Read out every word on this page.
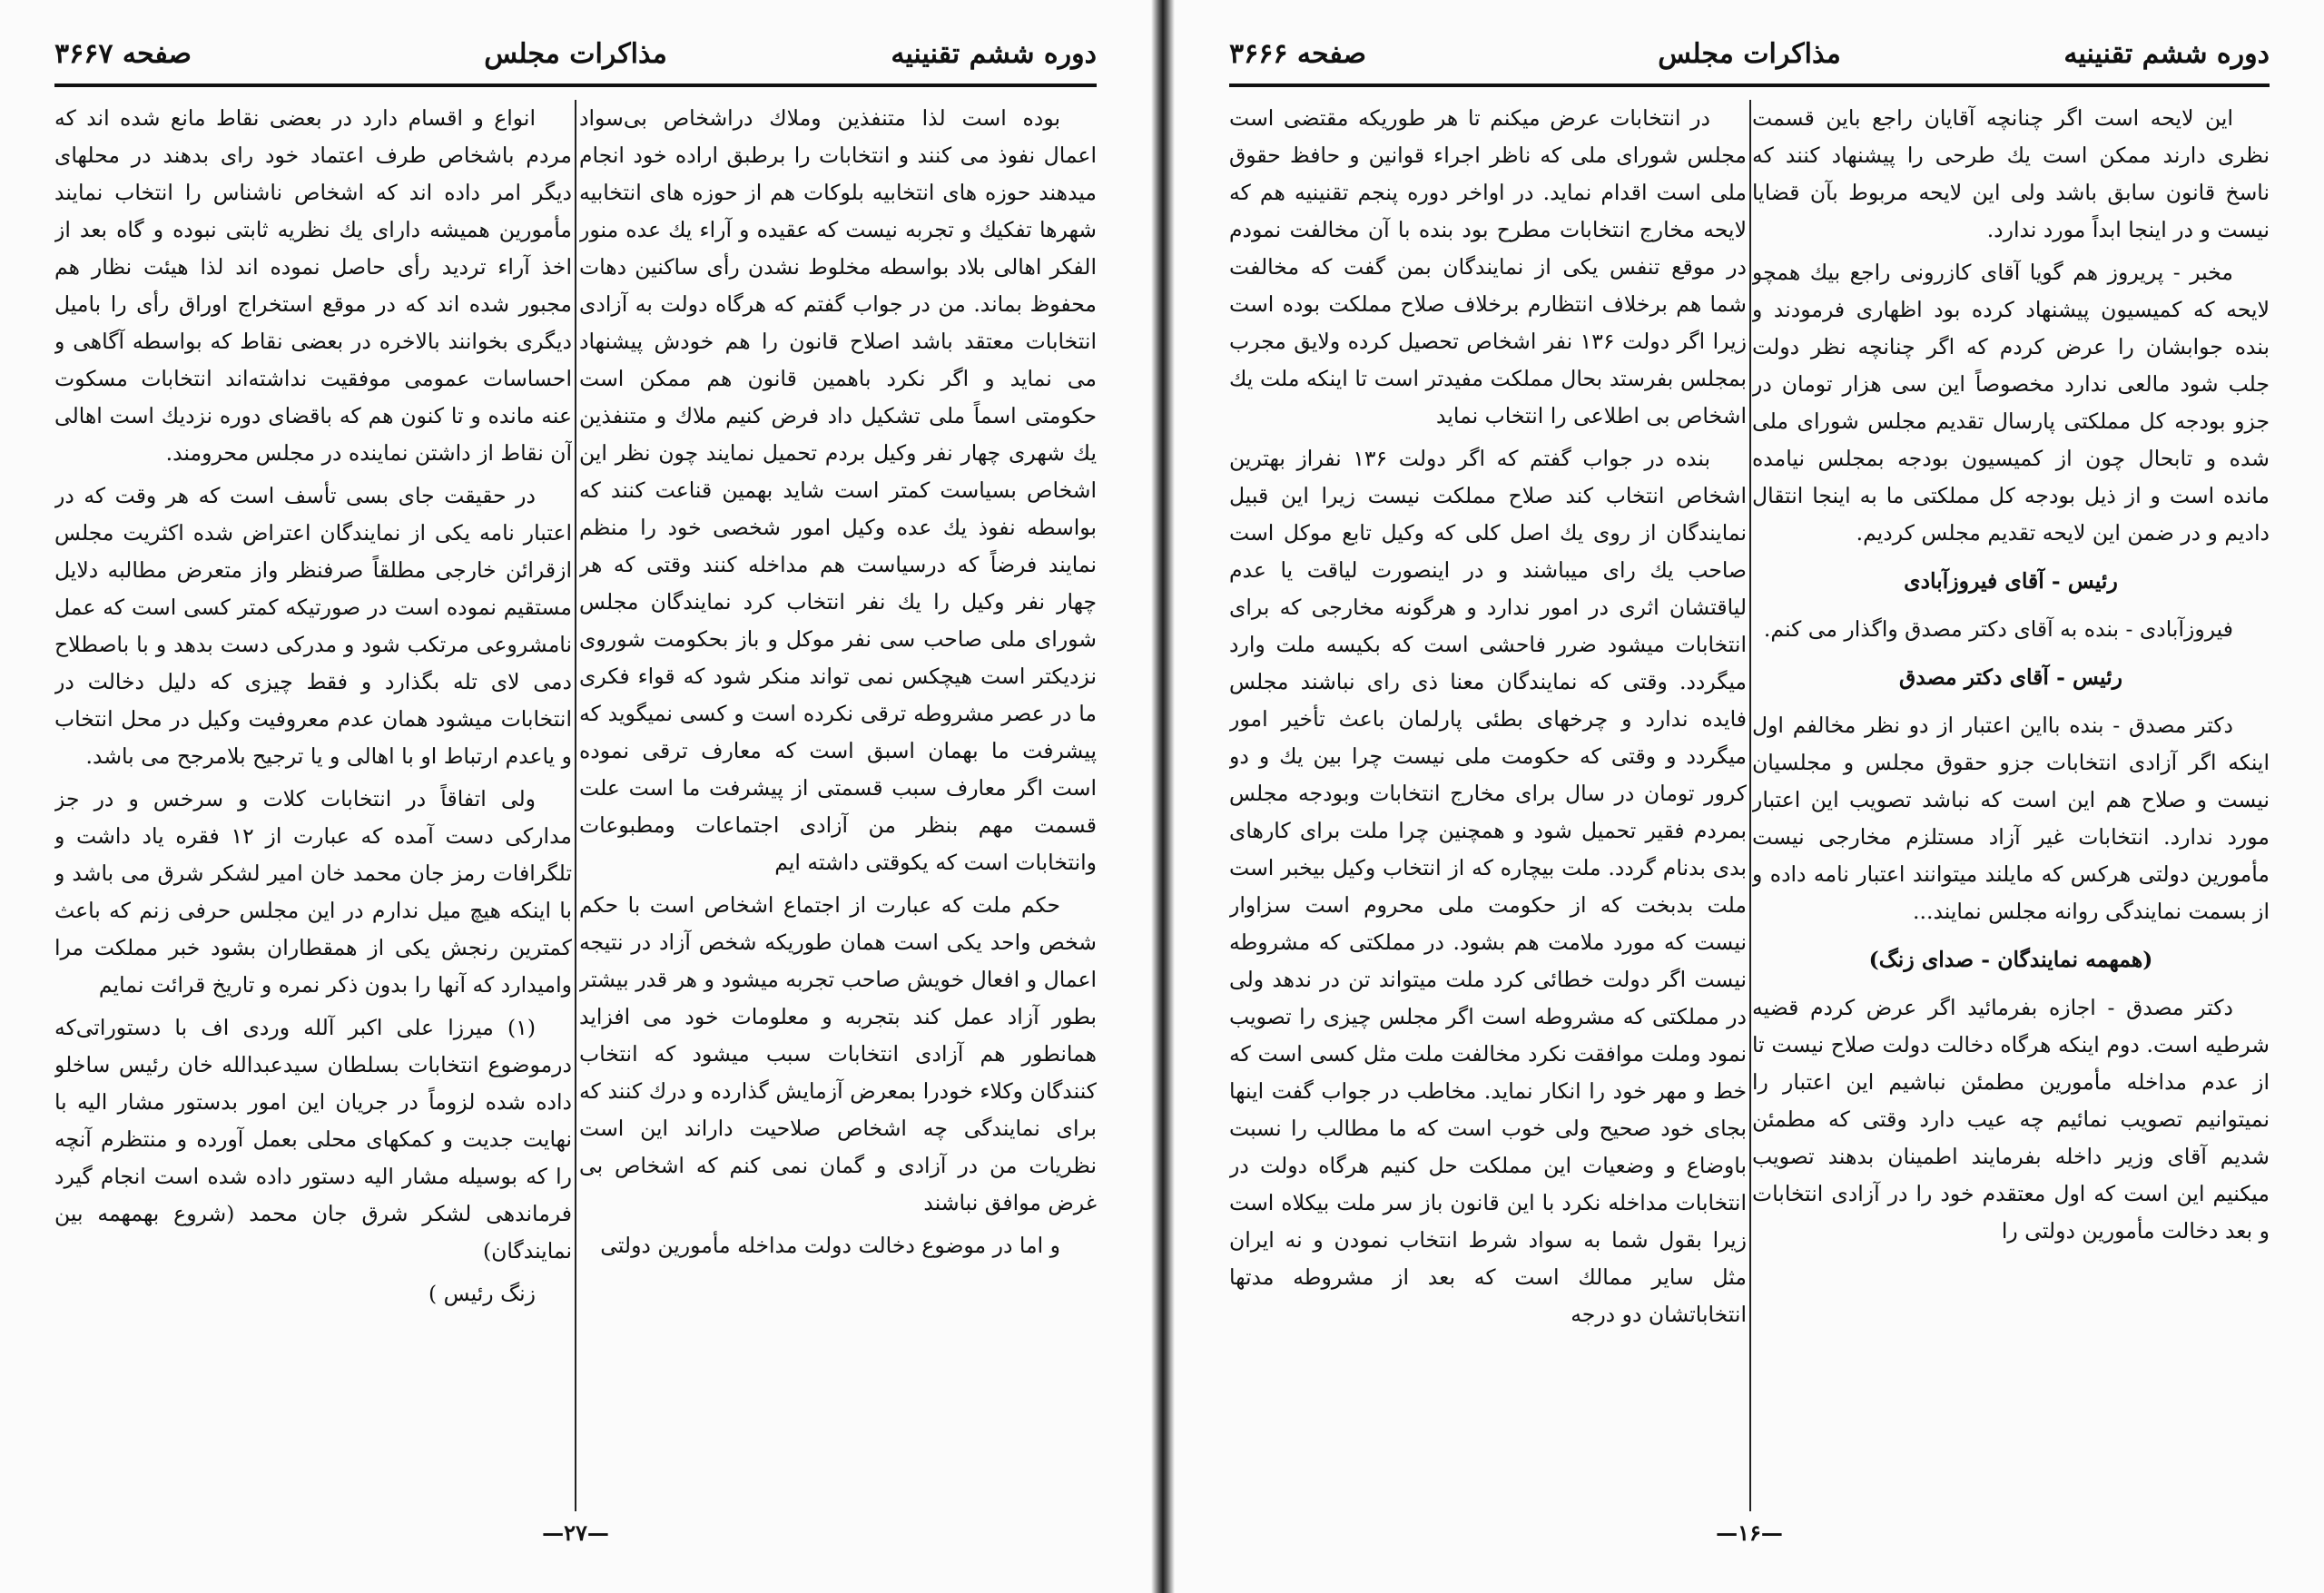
دوره ششم تقنینیه
مذاکرات مجلس
صفحه ۳۶۶۷

بوده است لذا متنفذین وملاك دراشخاص بی‌سواد اعمال نفوذ می کنند و انتخابات را برطبق اراده خود انجام میدهند حوزه های انتخابیه بلوکات هم از حوزه های انتخابیه شهرها تفکیك و تجربه نیست که عقیده و آراء یك عده منور الفکر اهالی بلاد بواسطه مخلوط نشدن رأی ساکنین دهات محفوظ بماند. من در جواب گفتم که هرگاه دولت به آزادی انتخابات معتقد باشد اصلاح قانون را هم خودش پیشنهاد می نماید و اگر نکرد باهمین قانون هم ممکن است حکومتی اسماً ملی تشکیل داد فرض کنیم ملاك و متنفذین یك شهری چهار نفر وکیل بردم تحمیل نمایند چون نظر این اشخاص بسیاست کمتر است شاید بهمین قناعت کنند که بواسطه نفوذ یك عده وکیل امور شخصی خود را منظم نمایند فرضاً که درسیاست هم مداخله کنند وقتی که هر چهار نفر وکیل را یك نفر انتخاب کرد نمایندگان مجلس شورای ملی صاحب سی نفر موکل و باز بحکومت شوروی نزدیکتر است هیچکس نمی تواند منکر شود که قواء فکری ما در عصر مشروطه ترقی نکرده است و کسی نمیگوید که پیشرفت ما بهمان اسبق است که معارف ترقی نموده است اگر معارف سبب قسمتی از پیشرفت ما است علت قسمت مهم بنظر من آزادی اجتماعات ومطبوعات وانتخابات است که یکوقتی داشته ایم

حکم ملت که عبارت از اجتماع اشخاص است با حکم شخص واحد یکی است همان طوریکه شخص آزاد در نتیجه اعمال و افعال خویش صاحب تجربه میشود و هر قدر بیشتر بطور آزاد عمل کند بتجربه و معلومات خود می افزاید همانطور هم آزادی انتخابات سبب میشود که انتخاب کنندگان وکلاء خودرا بمعرض آزمایش گذارده و درك کنند که برای نمایندگی چه اشخاص صلاحیت داراند این است نظریات من در آزادی و گمان نمی کنم که اشخاص بی غرض موافق نباشند

و اما در موضوع دخالت دولت مداخله مأمورین دولتی

انواع و اقسام دارد در بعضی نقاط مانع شده اند که مردم باشخاص طرف اعتماد خود رای بدهند در محلهای دیگر امر داده اند که اشخاص ناشناس را انتخاب نمایند مأمورین همیشه دارای یك نظریه ثابتی نبوده و گاه بعد از اخذ آراء تردید رأی حاصل نموده اند لذا هیئت نظار هم مجبور شده اند که در موقع استخراج اوراق رأی را بامیل دیگری بخوانند بالاخره در بعضی نقاط که بواسطه آگاهی و احساسات عمومی موفقیت نداشته‌اند انتخابات مسکوت عنه مانده و تا کنون هم که باقضای دوره نزدیك است اهالی آن نقاط از داشتن نماینده در مجلس محرومند.

در حقیقت جای بسی تأسف است که هر وقت که در اعتبار نامه یکی از نمایندگان اعتراض شده اکثریت مجلس ازقرائن خارجی مطلقاً صرفنظر واز متعرض مطالبه دلایل مستقیم نموده است در صورتیکه کمتر کسی است که عمل نامشروعی مرتکب شود و مدرکی دست بدهد و با باصطلاح دمی لای تله بگذارد و فقط چیزی که دلیل دخالت در انتخابات میشود همان عدم معروفیت وکیل در محل انتخاب و یاعدم ارتباط او با اهالی و یا ترجیح بلامرجح می باشد.

ولی اتفاقاً در انتخابات کلات و سرخس و در جز مدارکی دست آمده که عبارت از ۱۲ فقره یاد داشت و تلگرافات رمز جان محمد خان امیر لشکر شرق می باشد و با اینکه هیچ میل ندارم در این مجلس حرفی زنم که باعث کمترین رنجش یکی از همقطاران بشود خبر مملکت مرا وامیدارد که آنها را بدون ذکر نمره و تاریخ قرائت نمایم

(۱) میرزا علی اکبر آلله وردی اف با دستوراتی‌که درموضوع انتخابات بسلطان سیدعبدالله خان رئیس ساخلو داده شده لزوماً در جریان این امور بدستور مشار الیه با نهایت جدیت و کمکهای محلی بعمل آورده و منتظرم آنچه را که بوسیله مشار الیه دستور داده شده است انجام گیرد فرماندهی لشکر شرق جان محمد (شروع بهمهمه بین نمایندگان)

زنگ رئیس )

—۲۷—
دوره ششم تقنینیه
مذاکرات مجلس
صفحه ۳۶۶۶

این لایحه است اگر چنانچه آقایان راجع باین قسمت نظری دارند ممکن است یك طرحی را پیشنهاد کنند که ناسخ قانون سابق باشد ولی این لایحه مربوط بآن قضایا نیست و در اینجا ابداً مورد ندارد.

مخبر - پریروز هم گویا آقای کازرونی راجع بیك همچو لایحه که کمیسیون پیشنهاد کرده بود اظهاری فرمودند و بنده جوابشان را عرض کردم که اگر چنانچه نظر دولت جلب شود مالعی ندارد مخصوصاً این سی هزار تومان در جزو بودجه کل مملکتی پارسال تقدیم مجلس شورای ملی شده و تابحال چون از کمیسیون بودجه بمجلس نیامده مانده است و از ذیل بودجه کل مملکتی ما به اینجا انتقال دادیم و در ضمن این لایحه تقدیم مجلس کردیم.

رئیس - آقای فیروزآبادی

فیروزآبادی - بنده به آقای دکتر مصدق واگذار می کنم.

رئیس - آقای دکتر مصدق

دکتر مصدق - بنده بااین اعتبار از دو نظر مخالفم اول اینکه اگر آزادی انتخابات جزو حقوق مجلس و مجلسیان نیست و صلاح هم این است که نباشد تصویب این اعتبار مورد ندارد. انتخابات غیر آزاد مستلزم مخارجی نیست مأمورین دولتی هرکس که مایلند میتوانند اعتبار نامه داده و از بسمت نمایندگی روانه مجلس نمایند...

(همهمه نمایندگان - صدای زنگ)

دکتر مصدق - اجازه بفرمائید اگر عرض کردم قضیه شرطیه است. دوم اینکه هرگاه دخالت دولت صلاح نیست تا از عدم مداخله مأمورین مطمئن نباشیم این اعتبار را نمیتوانیم تصویب نمائیم چه عیب دارد وقتی که مطمئن شدیم آقای وزیر داخله بفرمایند اطمینان بدهند تصویب میکنیم این است که اول معتقدم خود را در آزادی انتخابات و بعد دخالت مأمورین دولتی را

در انتخابات عرض میکنم تا هر طوریکه مقتضی است مجلس شورای ملی که ناظر اجراء قوانین و حافظ حقوق ملی است اقدام نماید. در اواخر دوره پنجم تقنینیه هم که لایحه مخارج انتخابات مطرح بود بنده با آن مخالفت نمودم در موقع تنفس یکی از نمایندگان بمن گفت که مخالفت شما هم برخلاف انتظارم برخلاف صلاح مملکت بوده است زیرا اگر دولت ۱۳۶ نفر اشخاص تحصیل کرده ولایق مجرب بمجلس بفرستد بحال مملکت مفیدتر است تا اینکه ملت یك اشخاص بی اطلاعی را انتخاب نماید

بنده در جواب گفتم که اگر دولت ۱۳۶ نفراز بهترین اشخاص انتخاب کند صلاح مملکت نیست زیرا این قبیل نمایندگان از روی یك اصل کلی که وکیل تابع موکل است صاحب یك رای میباشند و در اینصورت لیاقت یا عدم لیاقتشان اثری در امور ندارد و هرگونه مخارجی که برای انتخابات میشود ضرر فاحشی است که بکیسه ملت وارد میگردد. وقتی که نمایندگان معنا ذی رای نباشند مجلس فایده ندارد و چرخهای بطئی پارلمان باعث تأخیر امور میگردد و وقتی که حکومت ملی نیست چرا بین یك و دو کرور تومان در سال برای مخارج انتخابات وبودجه مجلس بمردم فقیر تحمیل شود و همچنین چرا ملت برای کارهای بدی بدنام گردد. ملت بیچاره که از انتخاب وکیل بیخبر است ملت بدبخت که از حکومت ملی محروم است سزاوار نیست که مورد ملامت هم بشود. در مملکتی که مشروطه نیست اگر دولت خطائی کرد ملت میتواند تن در ندهد ولی در مملکتی که مشروطه است اگر مجلس چیزی را تصویب نمود وملت موافقت نکرد مخالفت ملت مثل کسی است که خط و مهر خود را انکار نماید. مخاطب در جواب گفت اینها بجای خود صحیح ولی خوب است که ما مطالب را نسبت باوضاع و وضعیات این مملکت حل کنیم هرگاه دولت در انتخابات مداخله نکرد با این قانون باز سر ملت بیکلاه است زیرا بقول شما به سواد شرط انتخاب نمودن و نه ایران مثل سایر ممالك است که بعد از مشروطه مدتها انتخاباتشان دو درجه

—۱۶—
